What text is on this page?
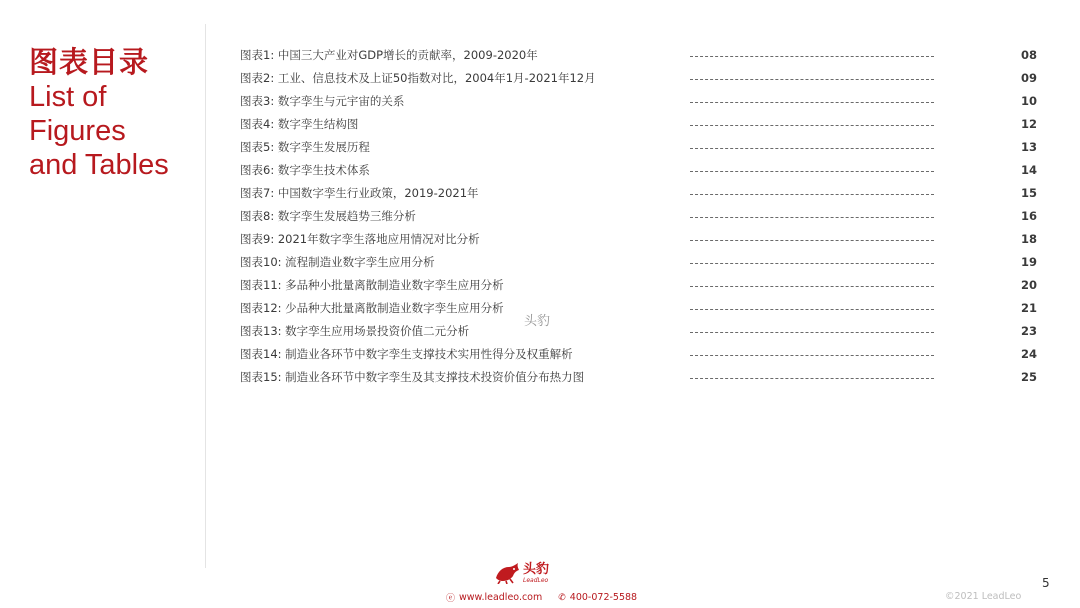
图表目录
List of
Figures
and Tables
图表1: 中国三大产业对GDP增长的贡献率，2009-2020年	08
图表2: 工业、信息技术及上证50指数对比，2004年1月-2021年12月	09
图表3: 数字孪生与元宇宙的关系	10
图表4: 数字孪生结构图	12
图表5: 数字孪生发展历程	13
图表6: 数字孪生技术体系	14
图表7: 中国数字孪生行业政策，2019-2021年	15
图表8: 数字孪生发展趋势三维分析	16
图表9: 2021年数字孪生落地应用情况对比分析	18
图表10: 流程制造业数字孪生应用分析	19
图表11: 多品种小批量离散制造业数字孪生应用分析	20
图表12: 少品种大批量离散制造业数字孪生应用分析	21
图表13: 数字孪生应用场景投资价值二元分析	23
图表14: 制造业各环节中数字孪生支撑技术实用性得分及权重解析	24
图表15: 制造业各环节中数字孪生及其支撑技术投资价值分布热力图	25
头豹
头豹
LeadLeo
ⓔ www.leadleo.com ✆ 400-072-5588	©2021 LeadLeo
5
